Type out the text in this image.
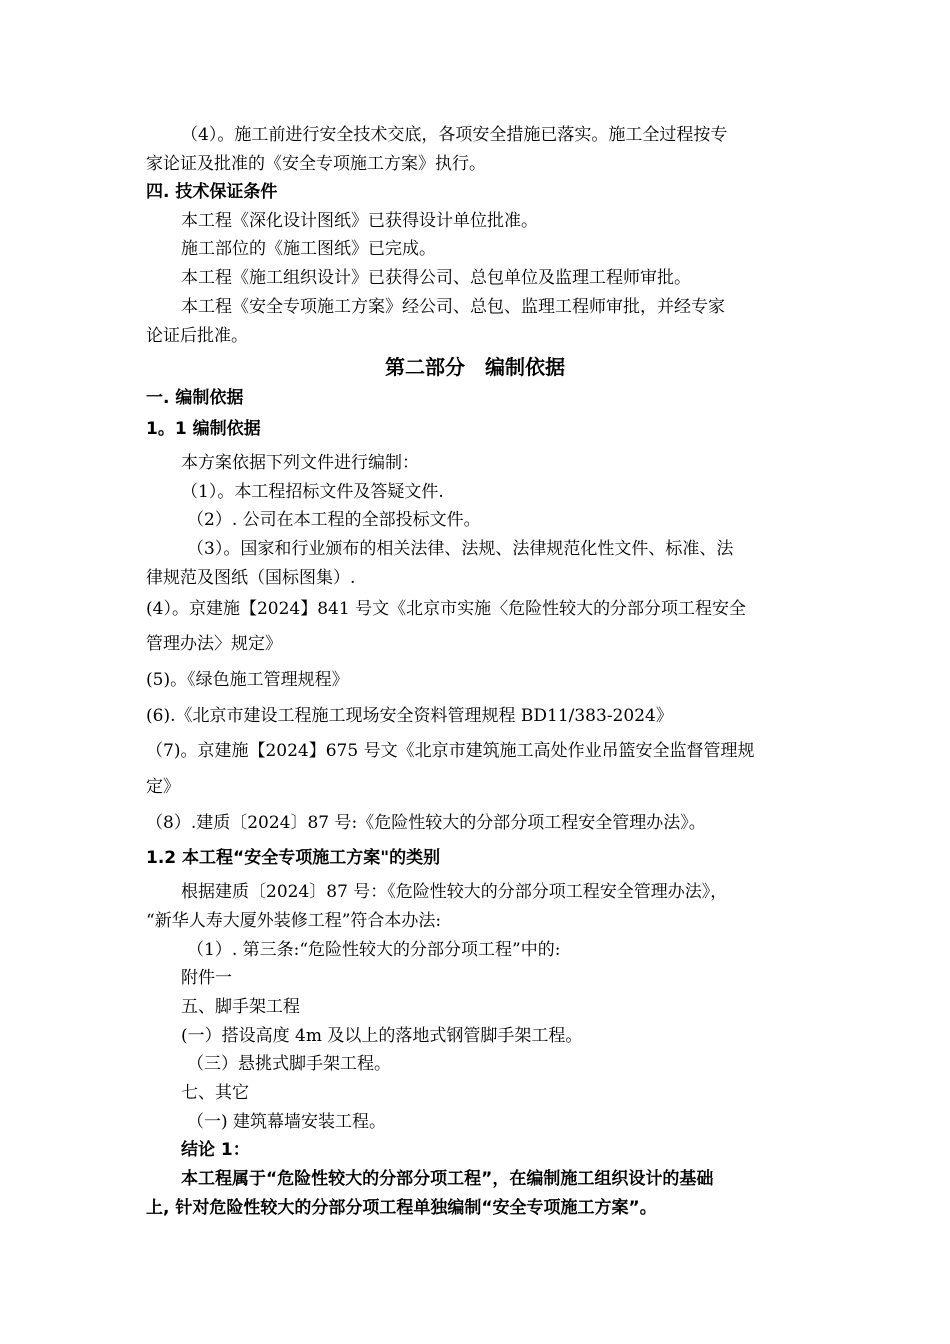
（4）。施工前进行安全技术交底，各项安全措施已落实。施工全过程按专
家论证及批准的《安全专项施工方案》执行。
四. 技术保证条件
本工程《深化设计图纸》已获得设计单位批准。
施工部位的《施工图纸》已完成。
本工程《施工组织设计》已获得公司、总包单位及监理工程师审批。
本工程《安全专项施工方案》经公司、总包、监理工程师审批，并经专家
论证后批准。
第二部分　编制依据
一. 编制依据
1。1 编制依据
本方案依据下列文件进行编制：
（1）。本工程招标文件及答疑文件.
（2）. 公司在本工程的全部投标文件。
（3）。国家和行业颁布的相关法律、法规、法律规范化性文件、标准、法
律规范及图纸（国标图集）.
(4）。京建施【2024】841 号文《北京市实施〈危险性较大的分部分项工程安全
管理办法〉规定》
(5)。《绿色施工管理规程》
(6).《北京市建设工程施工现场安全资料管理规程 BD11/383-2024》
（7)。京建施【2024】675 号文《北京市建筑施工高处作业吊篮安全监督管理规
定》
（8）.建质〔2024〕87 号:《危险性较大的分部分项工程安全管理办法》。
1.2 本工程“安全专项施工方案"的类别
根据建质〔2024〕87 号：《危险性较大的分部分项工程安全管理办法》，
“新华人寿大厦外装修工程”符合本办法:
（1）. 第三条:“危险性较大的分部分项工程”中的:
附件一
五、脚手架工程
(一）搭设高度 4m 及以上的落地式钢管脚手架工程。
（三）悬挑式脚手架工程。
七、其它
（一) 建筑幕墙安装工程。
结论 1：
本工程属于“危险性较大的分部分项工程”，在编制施工组织设计的基础
上, 针对危险性较大的分部分项工程单独编制“安全专项施工方案”。
